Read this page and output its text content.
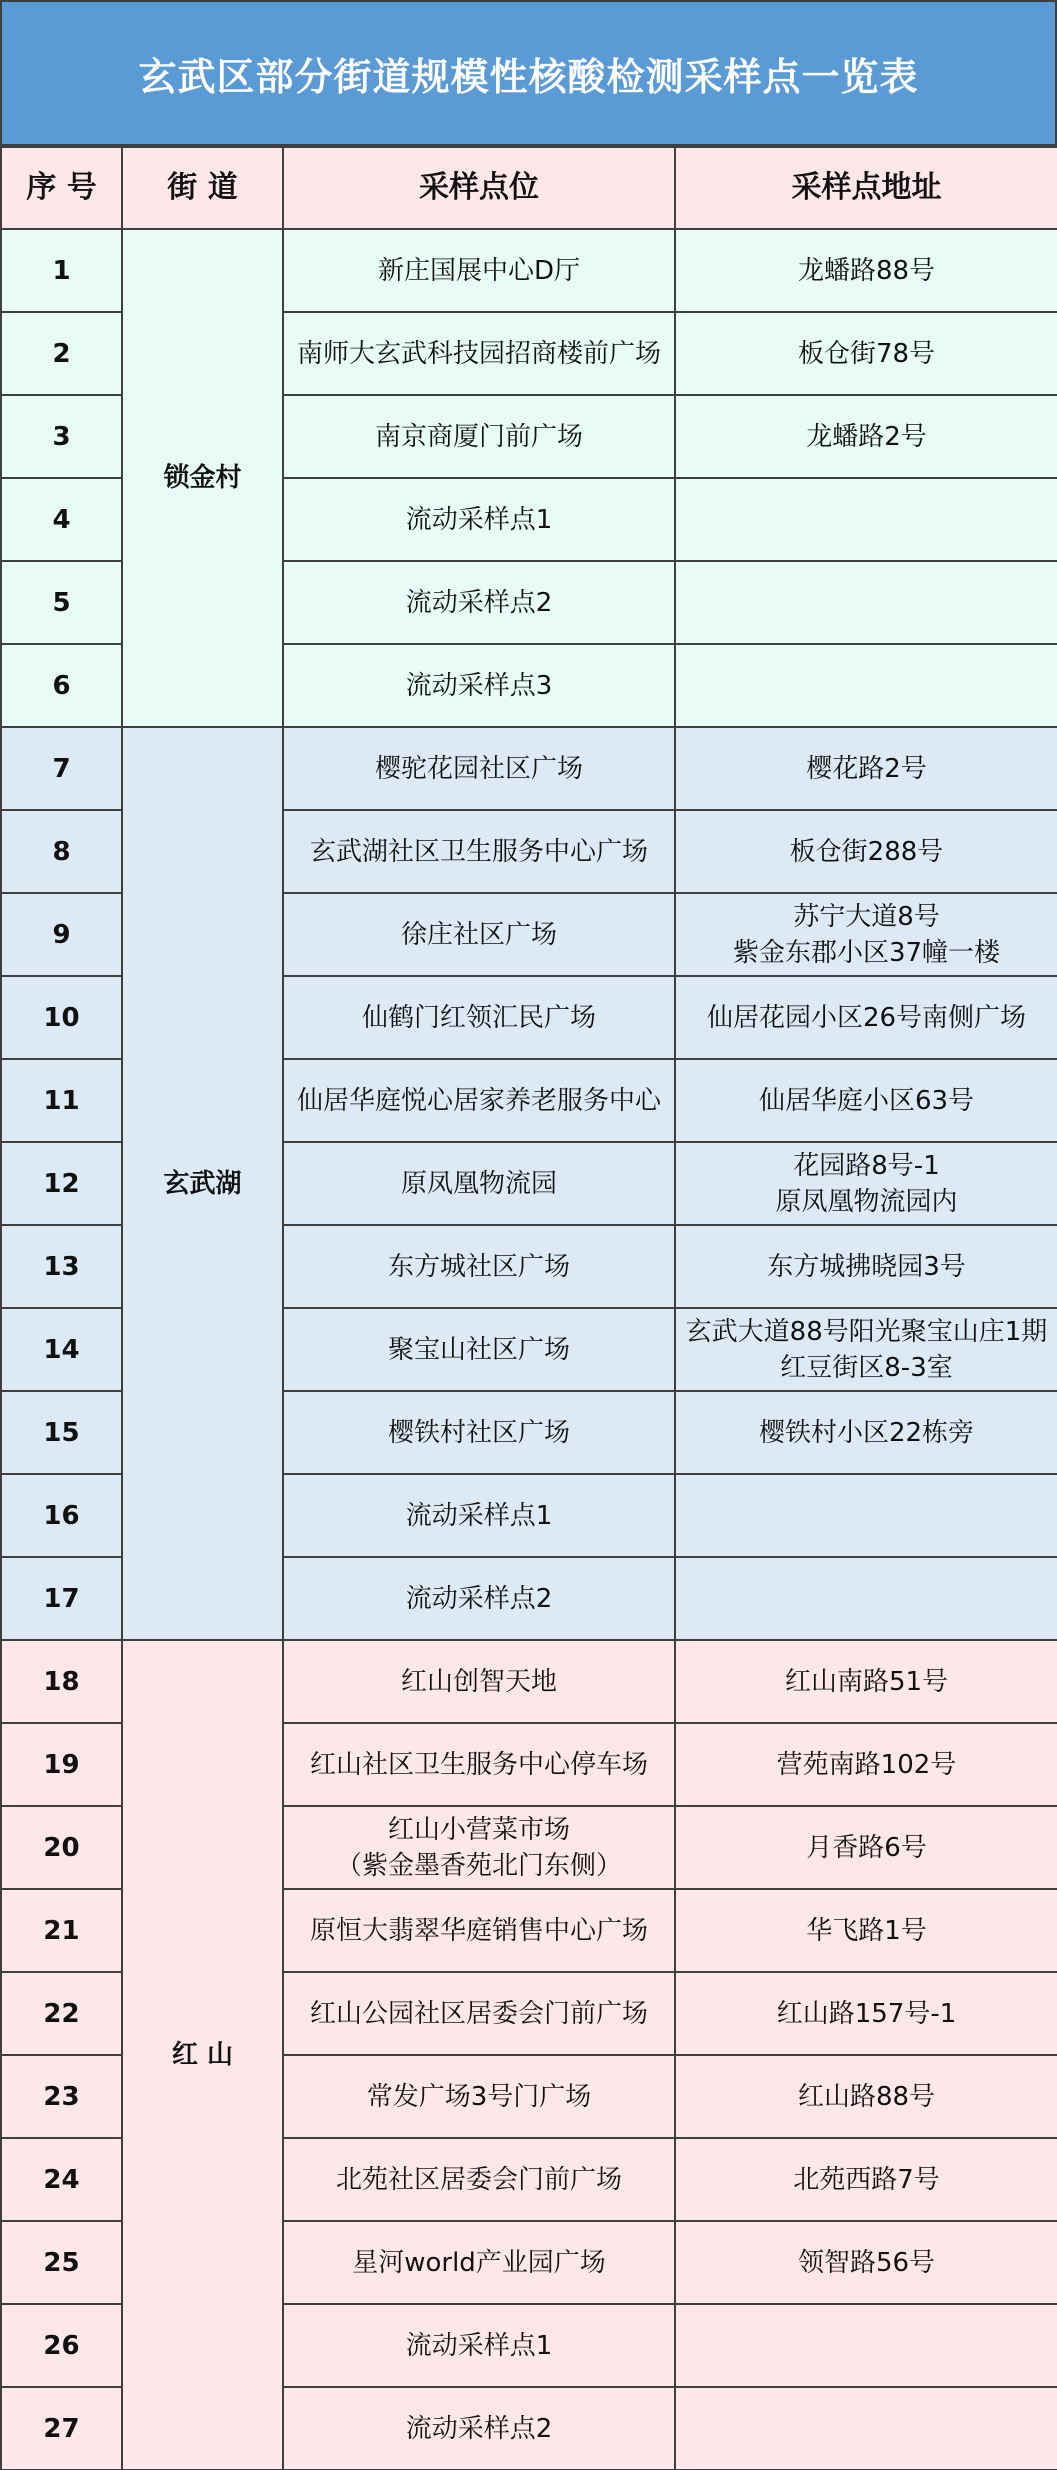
玄武区部分街道规模性核酸检测采样点一览表
序 号	街 道	采样点位	采样点地址
1	锁金村	新庄国展中心D厅	龙蟠路88号

2		南师大玄武科技园招商楼前广场	板仓街78号

3		南京商厦门前广场	龙蟠路2号

4		流动采样点1	

5		流动采样点2	

6		流动采样点3	

7	玄武湖	樱驼花园社区广场	樱花路2号

8		玄武湖社区卫生服务中心广场	板仓街288号

9		徐庄社区广场	苏宁大道8号
紫金东郡小区37幢一楼

10		仙鹤门红领汇民广场	仙居花园小区26号南侧广场

11		仙居华庭悦心居家养老服务中心	仙居华庭小区63号

12		原凤凰物流园	花园路8号-1
原凤凰物流园内

13		东方城社区广场	东方城拂晓园3号

14		聚宝山社区广场	玄武大道88号阳光聚宝山庄1期
红豆街区8-3室

15		樱铁村社区广场	樱铁村小区22栋旁

16		流动采样点1	

17		流动采样点2	

18	红 山	红山创智天地	红山南路51号

19		红山社区卫生服务中心停车场	营苑南路102号

20		红山小营菜市场
（紫金墨香苑北门东侧）	月香路6号

21		原恒大翡翠华庭销售中心广场	华飞路1号

22		红山公园社区居委会门前广场	红山路157号-1

23		常发广场3号门广场	红山路88号

24		北苑社区居委会门前广场	北苑西路7号

25		星河world产业园广场	领智路56号

26		流动采样点1	

27		流动采样点2	
